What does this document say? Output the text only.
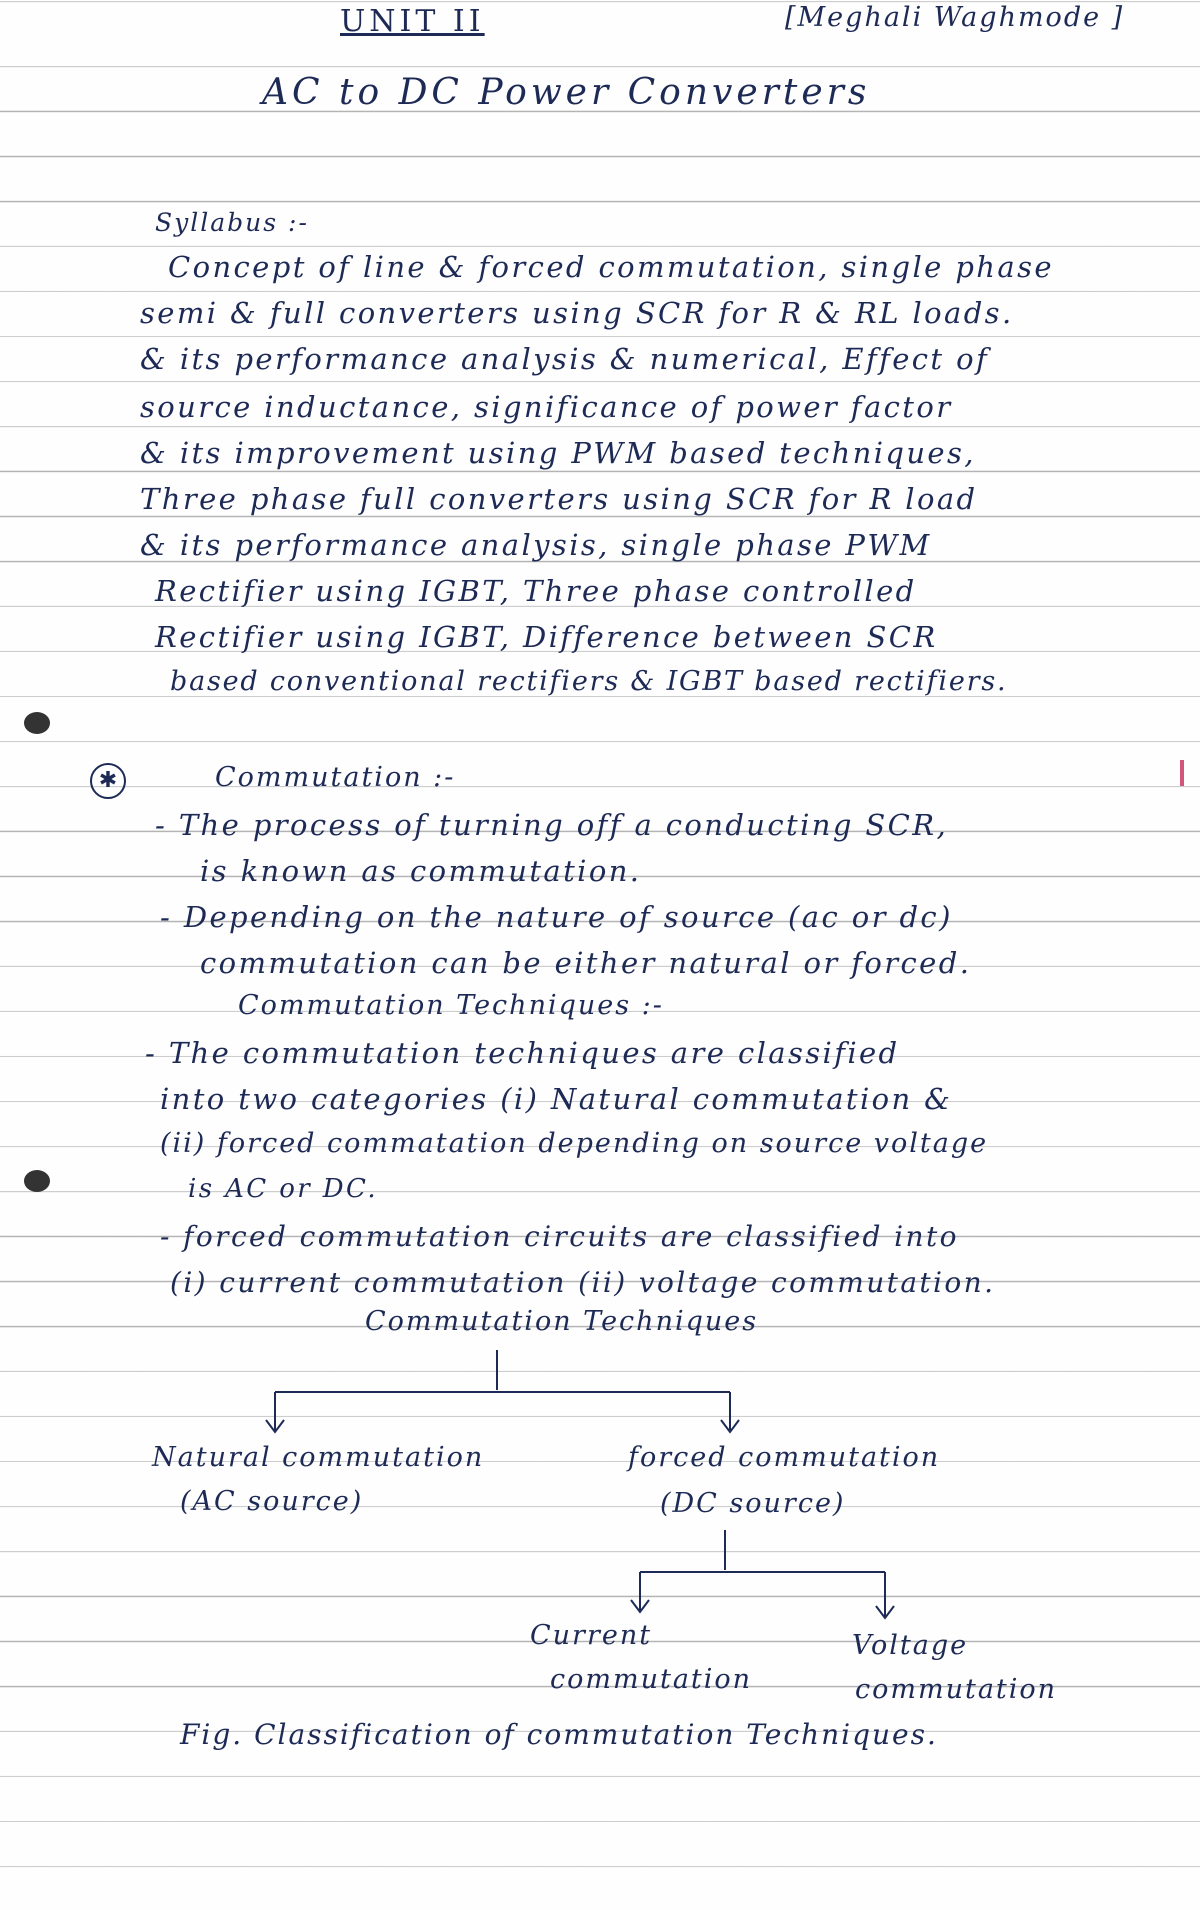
UNIT II	[Meghali Waghmode ]
AC to DC Power Converters
Syllabus :-
Concept of line & forced commutation, single phase
semi & full converters using SCR for R & RL loads.
& its performance analysis & numerical, Effect of
source inductance, significance of power factor
& its improvement using PWM based techniques,
Three phase full converters using SCR for R load
& its performance analysis, single phase PWM
Rectifier using IGBT, Three phase controlled
Rectifier using IGBT, Difference between SCR
based conventional rectifiers & IGBT based rectifiers.
✱	Commutation :-
- The process of turning off a conducting SCR,
is known as commutation.
- Depending on the nature of source (ac or dc)
commutation can be either natural or forced.
Commutation Techniques :-
- The commutation techniques are classified
into two categories (i) Natural commutation &
(ii) forced commatation depending on source voltage
is AC or DC.
- forced commutation circuits are classified into
(i) current commutation (ii) voltage commutation.
Commutation Techniques
Natural commutation
(AC source)
forced commutation
(DC source)
Current
commutation
Voltage
commutation
Fig. Classification of commutation Techniques.
